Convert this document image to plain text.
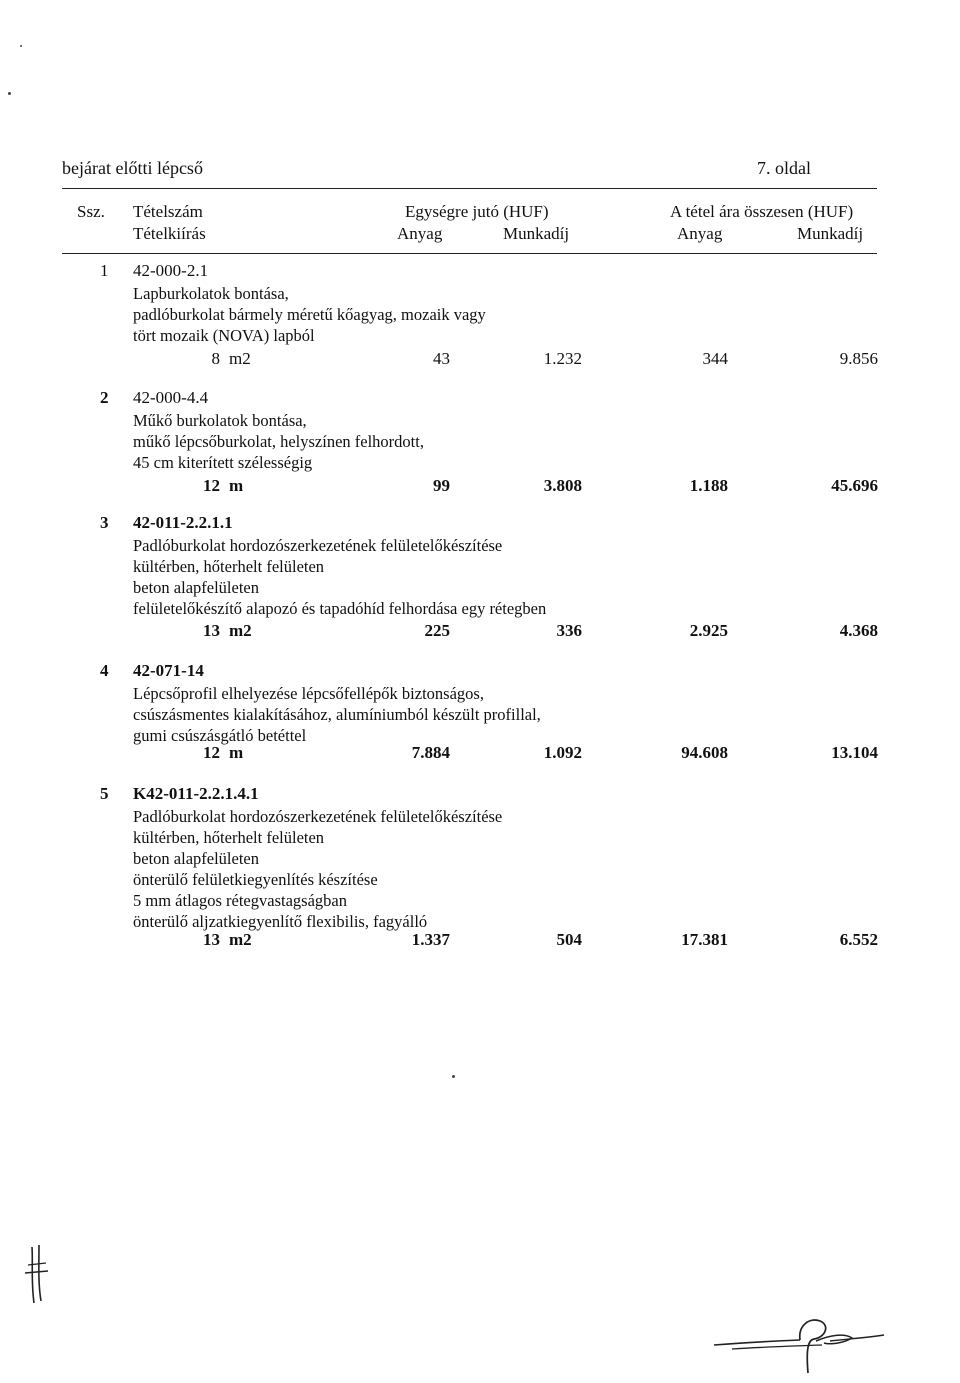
bejárat előtti lépcső	7. oldal
Ssz. Tételszám
Tételkiírás
Egységre jutó (HUF)	A tétel ára összesen (HUF)
Anyag	Munkadíj	Anyag	Munkadíj
1 42-000-2.1
Lapburkolatok bontása,
padlóburkolat bármely méretű kőagyag, mozaik vagy
tört mozaik (NOVA) lapból
8 m2	43	1.232	344	9.856
2 42-000-4.4
Műkő burkolatok bontása,
műkő lépcsőburkolat, helyszínen felhordott,
45 cm kiterített szélességig
12 m	99	3.808	1.188	45.696
3 42-011-2.2.1.1
Padlóburkolat hordozószerkezetének felületelőkészítése
kültérben, hőterhelt felületen
beton alapfelületen
felületelőkészítő alapozó és tapadóhíd felhordása egy rétegben
13 m2	225	336	2.925	4.368
4 42-071-14
Lépcsőprofil elhelyezése lépcsőfellépők biztonságos,
csúszásmentes kialakításához, alumíniumból készült profillal,
gumi csúszásgátló betéttel
12 m	7.884	1.092	94.608	13.104
5 K42-011-2.2.1.4.1
Padlóburkolat hordozószerkezetének felületelőkészítése
kültérben, hőterhelt felületen
beton alapfelületen
önterülő felületkiegyenlítés készítése
5 mm átlagos rétegvastagságban
önterülő aljzatkiegyenlítő flexibilis, fagyálló
13 m2	1.337	504	17.381	6.552
